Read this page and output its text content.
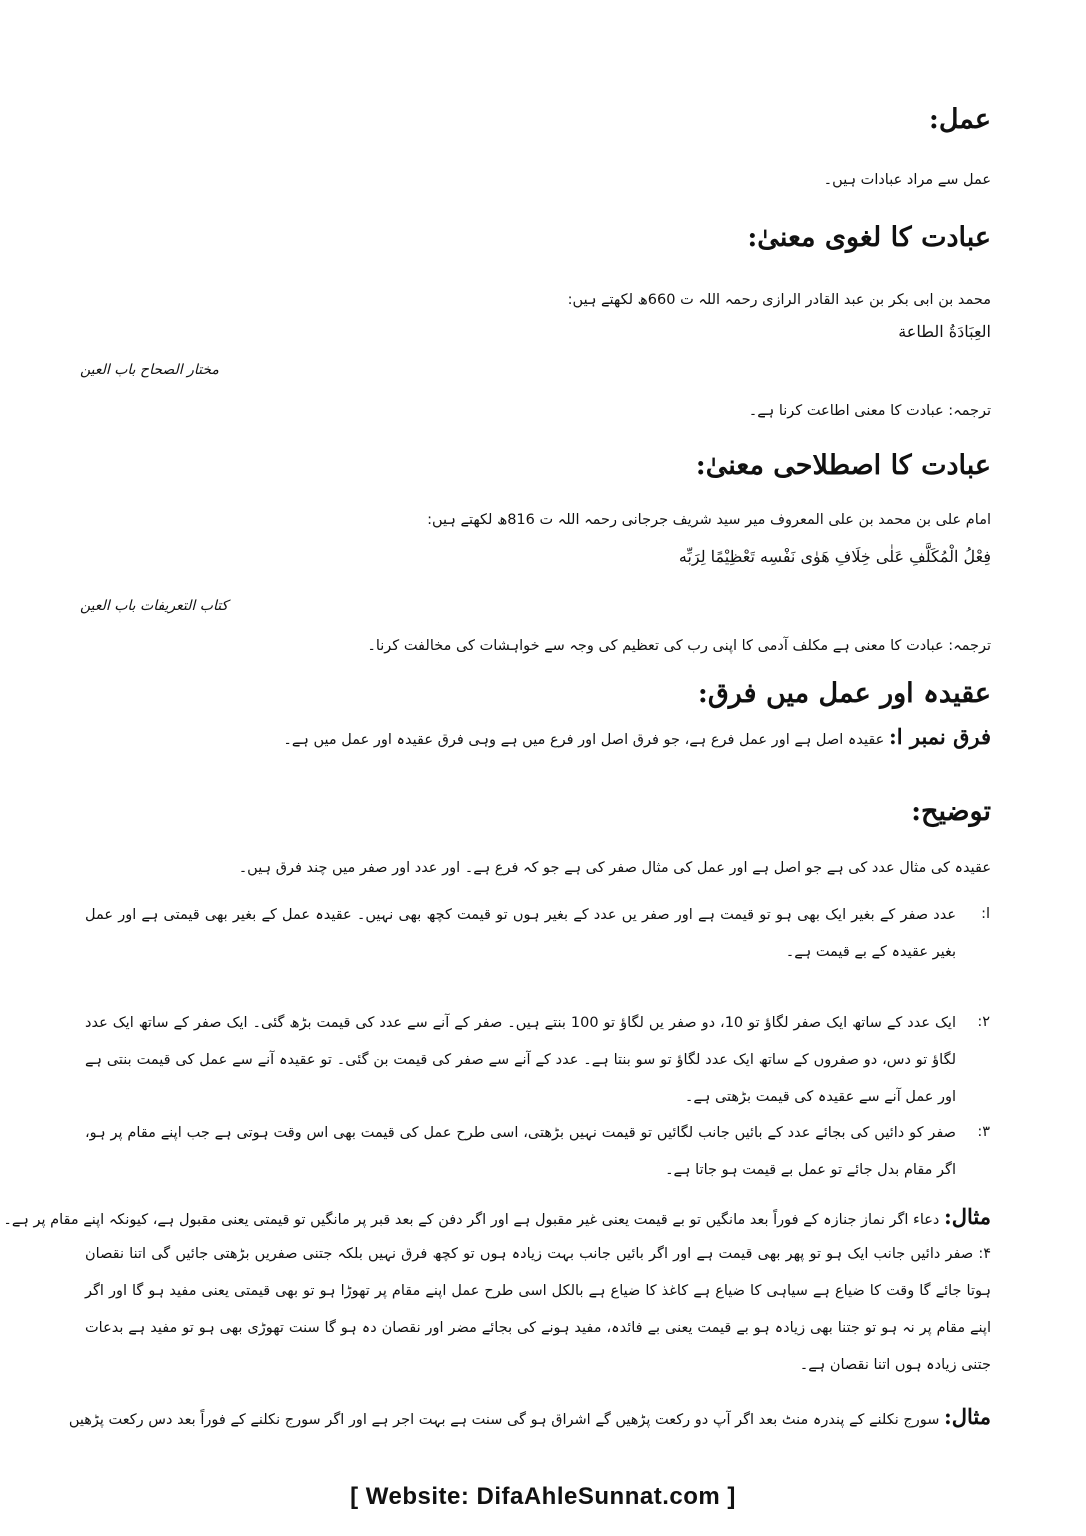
عمل:
عمل سے مراد عبادات ہیں۔
عبادت کا لغوی معنیٰ:
محمد بن ابی بکر بن عبد القادر الرازی رحمہ اللہ ت 660ھ لکھتے ہیں:
العِبَادَةُ الطاعة
مختار الصحاح باب العین
ترجمہ: عبادت کا معنی اطاعت کرنا ہے۔
عبادت کا اصطلاحی معنیٰ:
امام علی بن محمد بن علی المعروف میر سید شریف جرجانی رحمہ اللہ ت 816ھ لکھتے ہیں:
فِعْلُ الْمُكَلَّفِ عَلٰى خِلَافِ هَوٰى نَفْسِه تَعْظِيْمًا لِرَبِّه
کتاب التعریفات باب العین
ترجمہ: عبادت کا معنی ہے مکلف آدمی کا اپنی رب کی تعظیم کی وجہ سے خواہشات کی مخالفت کرنا۔
عقیدہ اور عمل میں فرق:
فرق نمبر ا: عقیدہ اصل ہے اور عمل فرع ہے، جو فرق اصل اور فرع میں ہے وہی فرق عقیدہ اور عمل میں ہے۔
توضیح:
عقیدہ کی مثال عدد کی ہے جو اصل ہے اور عمل کی مثال صفر کی ہے جو کہ فرع ہے۔ اور عدد اور صفر میں چند فرق ہیں۔
ا:
عدد صفر کے بغیر ایک بھی ہو تو قیمت ہے اور صفر یں عدد کے بغیر ہوں تو قیمت کچھ بھی نہیں۔ عقیدہ عمل کے بغیر بھی قیمتی ہے اور عمل بغیر عقیدہ کے بے قیمت ہے۔
۲:
ایک عدد کے ساتھ ایک صفر لگاؤ تو 10، دو صفر یں لگاؤ تو 100 بنتے ہیں۔ صفر کے آنے سے عدد کی قیمت بڑھ گئی۔ ایک صفر کے ساتھ ایک عدد لگاؤ تو دس، دو صفروں کے ساتھ ایک عدد لگاؤ تو سو بنتا ہے۔ عدد کے آنے سے صفر کی قیمت بن گئی۔ تو عقیدہ آنے سے عمل کی قیمت بنتی ہے اور عمل آنے سے عقیدہ کی قیمت بڑھتی ہے۔
۳:
صفر کو دائیں کی بجائے عدد کے بائیں جانب لگائیں تو قیمت نہیں بڑھتی، اسی طرح عمل کی قیمت بھی اس وقت ہوتی ہے جب اپنے مقام پر ہو، اگر مقام بدل جائے تو عمل بے قیمت ہو جاتا ہے۔
مثال: دعاء اگر نماز جنازہ کے فوراً بعد مانگیں تو بے قیمت یعنی غیر مقبول ہے اور اگر دفن کے بعد قبر پر مانگیں تو قیمتی یعنی مقبول ہے، کیونکہ اپنے مقام پر ہے۔
۴: صفر دائیں جانب ایک ہو تو پھر بھی قیمت ہے اور اگر بائیں جانب بہت زیادہ ہوں تو کچھ فرق نہیں بلکہ جتنی صفریں بڑھتی جائیں گی اتنا نقصان ہوتا جائے گا وقت کا ضیاع ہے سیاہی کا ضیاع ہے کاغذ کا ضیاع ہے بالکل اسی طرح عمل اپنے مقام پر تھوڑا ہو تو بھی قیمتی یعنی مفید ہو گا اور اگر اپنے مقام پر نہ ہو تو جتنا بھی زیادہ ہو بے قیمت یعنی بے فائدہ، مفید ہونے کی بجائے مضر اور نقصان دہ ہو گا سنت تھوڑی بھی ہو تو مفید ہے بدعات جتنی زیادہ ہوں اتنا نقصان ہے۔
مثال: سورج نکلنے کے پندرہ منٹ بعد اگر آپ دو رکعت پڑھیں گے اشراق ہو گی سنت ہے بہت اجر ہے اور اگر سورج نکلنے کے فوراً بعد دس رکعت پڑھیں
[ Website: DifaAhleSunnat.com ]
